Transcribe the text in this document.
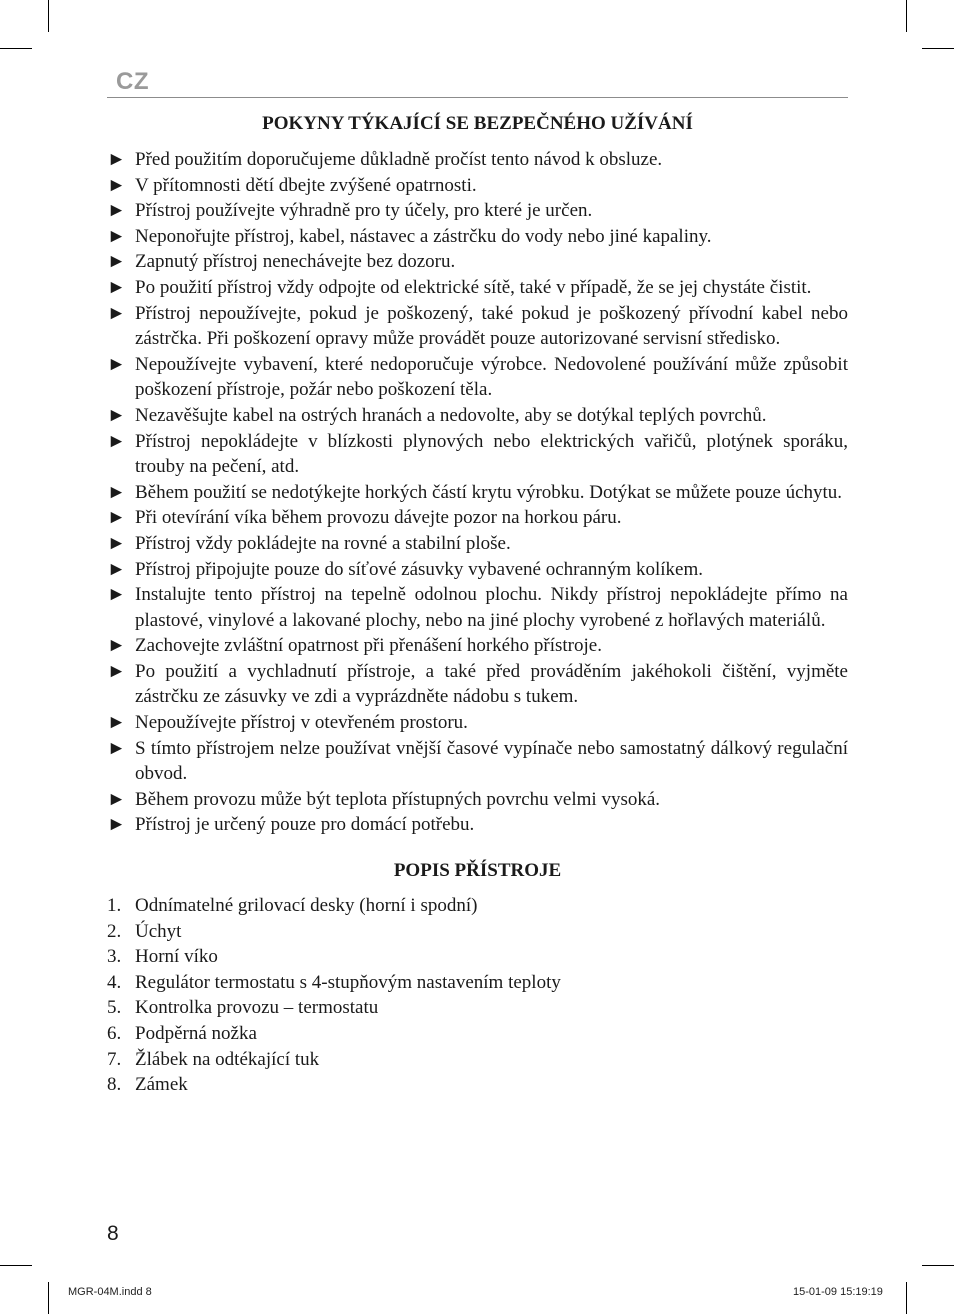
CZ
POKYNY TÝKAJÍCÍ SE BEZPEČNÉHO UŽÍVÁNÍ
► Před použitím doporučujeme důkladně pročíst tento návod k obsluze.
► V přítomnosti dětí dbejte zvýšené opatrnosti.
► Přístroj používejte výhradně pro ty účely, pro které je určen.
► Neponořujte přístroj, kabel, nástavec a zástrčku do vody nebo jiné kapaliny.
► Zapnutý přístroj nenechávejte bez dozoru.
► Po použití přístroj vždy odpojte od elektrické sítě, také v případě, že se jej chystáte čistit.
► Přístroj nepoužívejte, pokud je poškozený, také pokud je poškozený přívodní kabel nebo zástrčka. Při poškození opravy může provádět pouze autorizované servisní středisko.
► Nepoužívejte vybavení, které nedoporučuje výrobce. Nedovolené používání může způsobit poškození přístroje, požár nebo poškození těla.
► Nezavěšujte kabel na ostrých hranách a nedovolte, aby se dotýkal teplých povrchů.
► Přístroj nepokládejte v blízkosti plynových nebo elektrických vařičů, plotýnek sporáku, trouby na pečení, atd.
► Během použití se nedotýkejte horkých částí krytu výrobku. Dotýkat se můžete pouze úchytu.
► Při otevírání víka během provozu dávejte pozor na horkou páru.
► Přístroj vždy pokládejte na rovné a stabilní ploše.
► Přístroj připojujte pouze do síťové zásuvky vybavené ochranným kolíkem.
► Instalujte tento přístroj na tepelně odolnou plochu. Nikdy přístroj nepokládejte přímo na plastové, vinylové a lakované plochy, nebo na jiné plochy vyrobené z hořlavých materiálů.
► Zachovejte zvláštní opatrnost při přenášení horkého přístroje.
► Po použití a vychladnutí přístroje, a také před prováděním jakéhokoli čištění, vyjměte zástrčku ze zásuvky ve zdi a vyprázdněte nádobu s tukem.
► Nepoužívejte přístroj v otevřeném prostoru.
► S tímto přístrojem nelze používat vnější časové vypínače nebo samostatný dálkový regulační obvod.
► Během provozu může být teplota přístupných povrchu velmi vysoká.
► Přístroj je určený pouze pro domácí potřebu.
POPIS PŘÍSTROJE
1. Odnímatelné grilovací desky (horní i spodní)
2. Úchyt
3. Horní víko
4. Regulátor termostatu s 4-stupňovým nastavením teploty
5. Kontrolka provozu – termostatu
6. Podpěrná nožka
7. Žlábek na odtékající tuk
8. Zámek
8
MGR-04M.indd 8	15-01-09 15:19:19
